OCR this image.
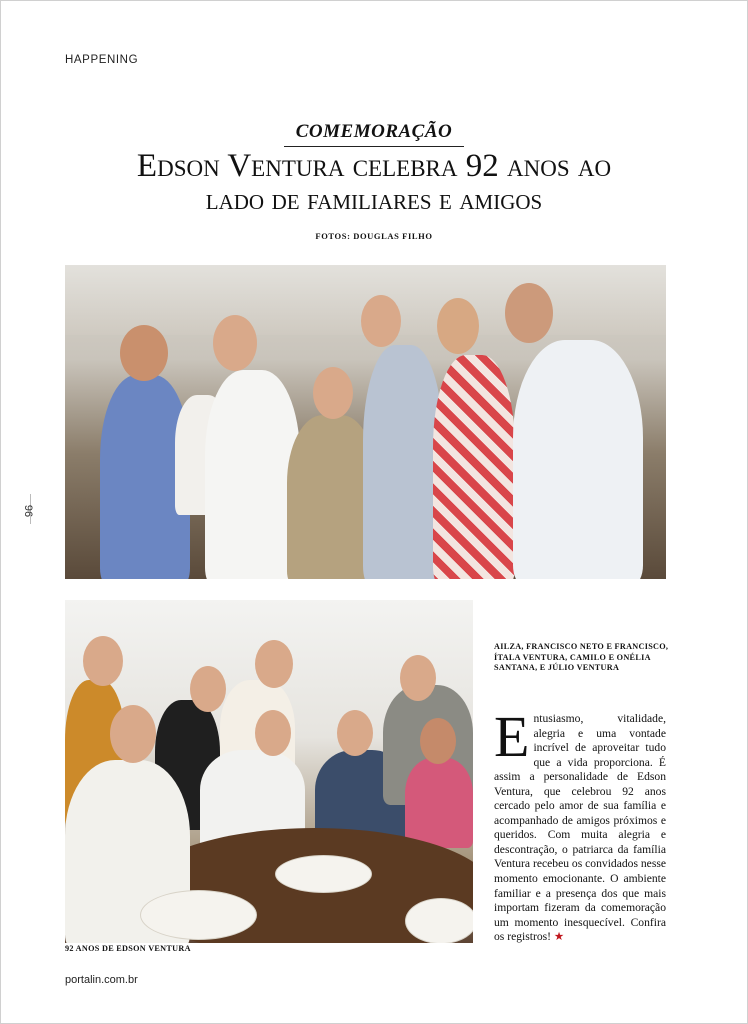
HAPPENING
COMEMORAÇÃO
Edson Ventura celebra 92 anos ao
lado de familiares e amigos
FOTOS: DOUGLAS FILHO
96
AILZA, FRANCISCO NETO E FRANCISCO, ÍTALA VENTURA, CAMILO E ONÉLIA SANTANA, E JÚLIO VENTURA
92 ANOS DE EDSON VENTURA
Entusiasmo, vitalidade, alegria e uma vontade incrível de aproveitar tudo que a vida proporciona. É assim a personalidade de Edson Ventura, que celebrou 92 anos cercado pelo amor de sua família e acompanhado de amigos próximos e queridos. Com muita alegria e descontração, o patriarca da família Ventura recebeu os convidados nesse momento emocionante. O ambiente familiar e a presença dos que mais importam fizeram da comemoração um momento inesquecível. Confira os registros! ★
portalin.com.br
